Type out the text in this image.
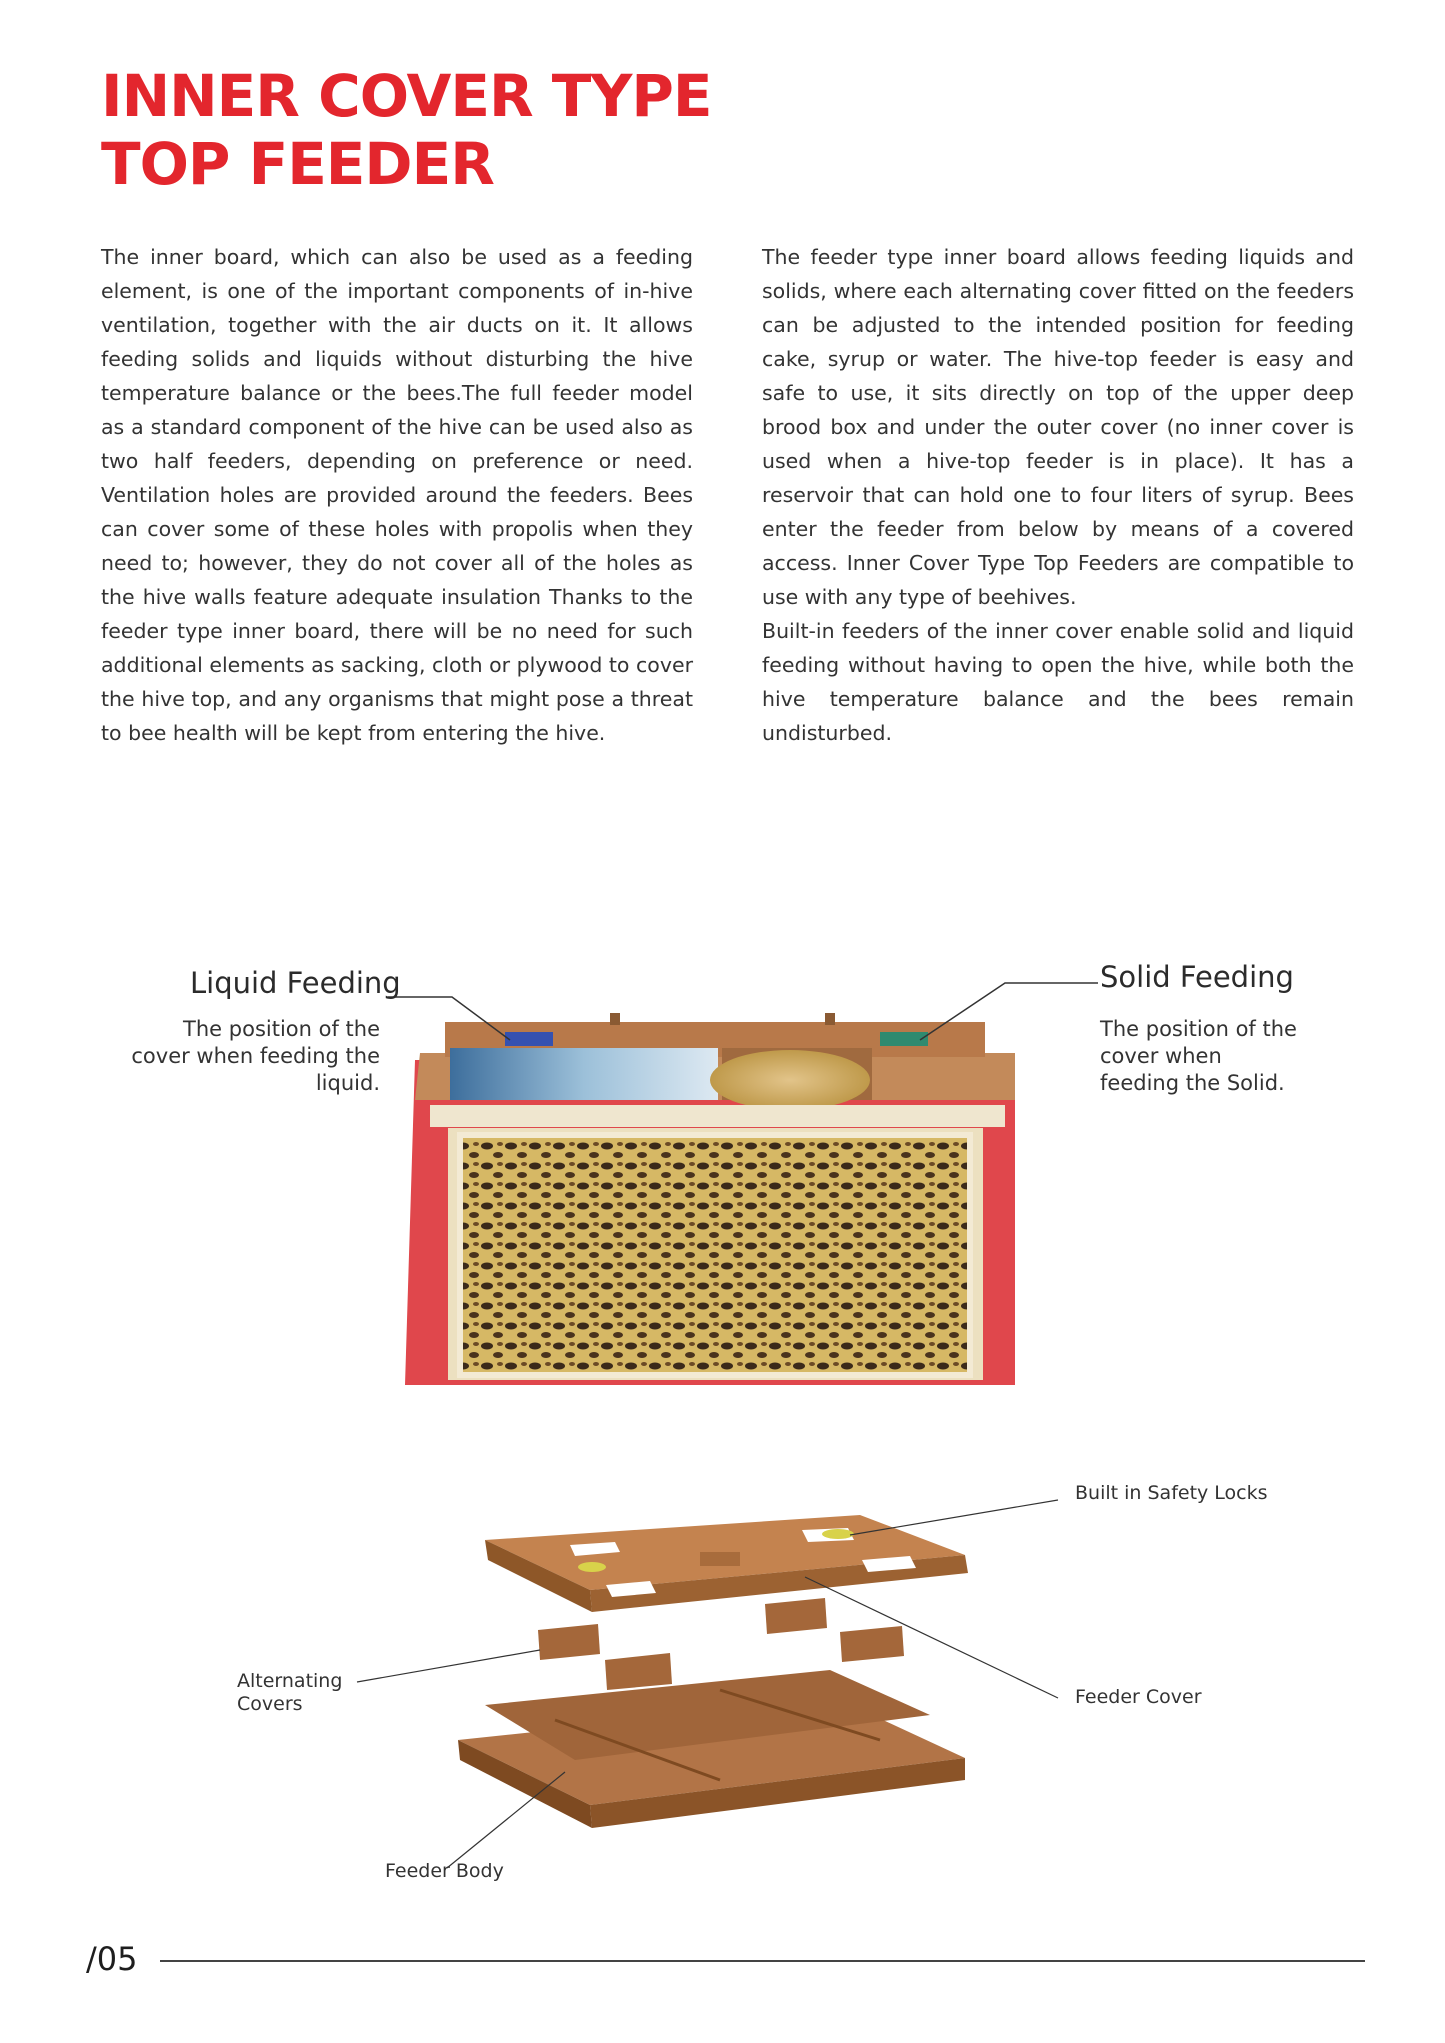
INNER COVER TYPE
TOP FEEDER

The inner board, which can also be used as a feeding element, is one of the important components of in-hive ventilation, together with the air ducts on it. It allows feeding solids and liquids without disturbing the hive temperature balance or the bees.The full feeder model as a standard component of the hive can be used also as two half feeders, depending on preference or need. Ventilation holes are provided around the feeders. Bees can cover some of these holes with propolis when they need to; however, they do not cover all of the holes as the hive walls feature adequate insulation Thanks to the feeder type inner board, there will be no need for such additional elements as sacking, cloth or plywood to cover the hive top, and any organisms that might pose a threat to bee health will be kept from entering the hive.

The feeder type inner board allows feeding liquids and solids, where each alternating cover fitted on the feeders can be adjusted to the intended position for feeding cake, syrup or water. The hive-top feeder is easy and safe to use, it sits directly on top of the upper deep brood box and under the outer cover (no inner cover is used when a hive-top feeder is in place). It has a reservoir that can hold one to four liters of syrup. Bees enter the feeder from below by means of a covered access. Inner Cover Type Top Feeders are compatible to use with any type of beehives.

Built-in feeders of the inner cover enable solid and liquid feeding without having to open the hive, while both the hive temperature balance and the bees remain undisturbed.

Liquid Feeding
The position of the cover when feeding the liquid.
Solid Feeding
The position of the cover when feeding the Solid.
Built in Safety Locks
Alternating
Covers	Feeder Cover
Feeder Body
/05
